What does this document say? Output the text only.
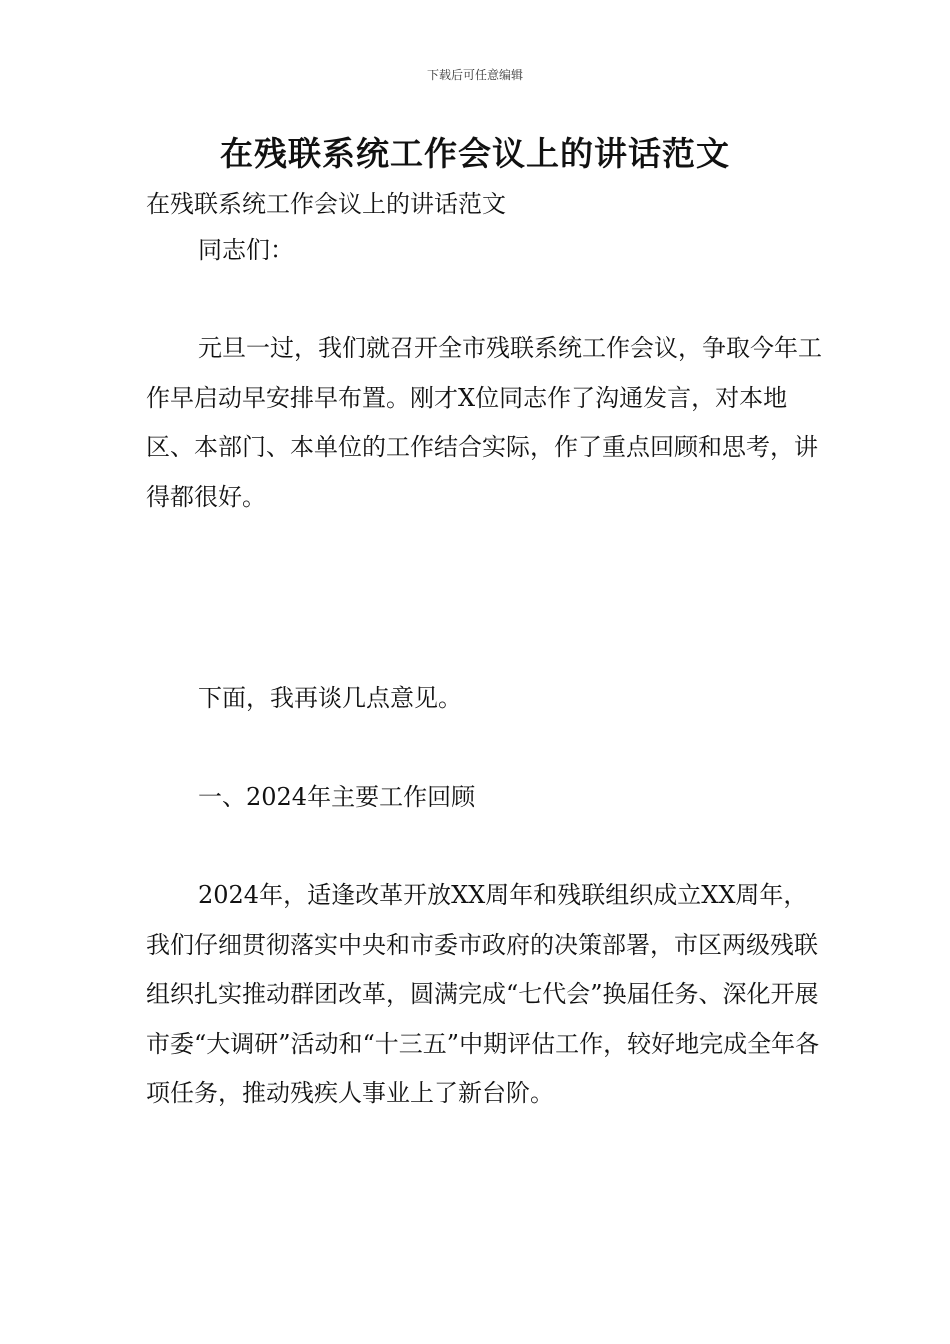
下载后可任意编辑
在残联系统工作会议上的讲话范文
在残联系统工作会议上的讲话范文

同志们：

元旦一过，我们就召开全市残联系统工作会议，争取今年工作早启动早安排早布置。刚才X位同志作了沟通发言，对本地区、本部门、本单位的工作结合实际，作了重点回顾和思考，讲得都很好。

下面，我再谈几点意见。

一、2024年主要工作回顾

2024年，适逢改革开放XX周年和残联组织成立XX周年，我们仔细贯彻落实中央和市委市政府的决策部署，市区两级残联组织扎实推动群团改革，圆满完成“七代会”换届任务、深化开展市委“大调研”活动和“十三五”中期评估工作，较好地完成全年各项任务，推动残疾人事业上了新台阶。
